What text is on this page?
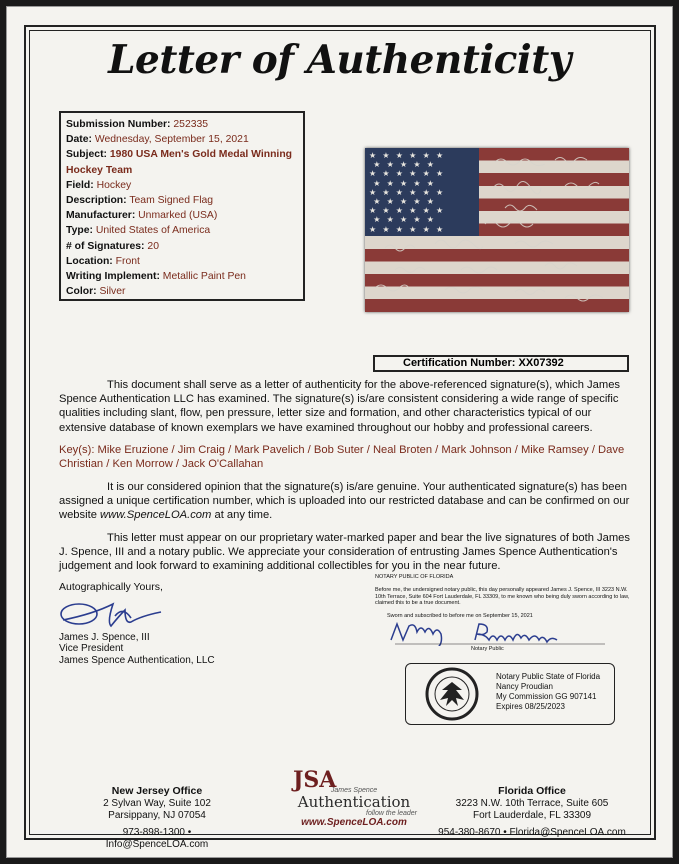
Letter of Authenticity
Submission Number: 252335
Date: Wednesday, September 15, 2021
Subject: 1980 USA Men's Gold Medal Winning Hockey Team
Field: Hockey
Description: Team Signed Flag
Manufacturer: Unmarked (USA)
Type: United States of America
# of Signatures: 20
Location: Front
Writing Implement: Metallic Paint Pen
Color: Silver
★ ★ ★ ★ ★ ★
★ ★ ★ ★ ★
★ ★ ★ ★ ★ ★
★ ★ ★ ★ ★
★ ★ ★ ★ ★ ★
★ ★ ★ ★ ★
★ ★ ★ ★ ★ ★
★ ★ ★ ★ ★
★ ★ ★ ★ ★ ★
Certification Number: XX07392

This document shall serve as a letter of authenticity for the above-referenced signature(s), which James Spence Authentication LLC has examined. The signature(s) is/are consistent considering a wide range of specific qualities including slant, flow, pen pressure, letter size and formation, and other characteristics typical of our extensive database of known exemplars we have examined throughout our hobby and professional careers.

Key(s): Mike Eruzione / Jim Craig / Mark Pavelich / Bob Suter / Neal Broten / Mark Johnson / Mike Ramsey / Dave Christian / Ken Morrow / Jack O'Callahan

It is our considered opinion that the signature(s) is/are genuine. Your authenticated signature(s) has been assigned a unique certification number, which is uploaded into our restricted database and can be confirmed on our website www.SpenceLOA.com at any time.

This letter must appear on our proprietary water-marked paper and bear the live signatures of both James J. Spence, III and a notary public. We appreciate your consideration of entrusting James Spence Authentication's judgement and look forward to examining additional collectibles for you in the near future.

Autographically Yours,
James J. Spence, III
Vice President
James Spence Authentication, LLC
NOTARY PUBLIC OF FLORIDA
Before me, the undersigned notary public, this day personally appeared James J. Spence, III 3223 N.W. 10th Terrace, Suite 604 Fort Lauderdale, FL 33309, to me known who being duly sworn according to law, claimed this to be a true document.
Sworn and subscribed to before me on September 15, 2021
Notary Public
Notary Public State of Florida
Nancy Proudian
My Commission GG 907141
Expires 08/25/2023
New Jersey Office
2 Sylvan Way, Suite 102
Parsippany, NJ 07054
973-898-1300 • Info@SpenceLOA.com
JSA
James Spence
Authentication
follow the leader
www.SpenceLOA.com
Florida Office
3223 N.W. 10th Terrace, Suite 605
Fort Lauderdale, FL 33309
954-380-8670 • Florida@SpenceLOA.com
